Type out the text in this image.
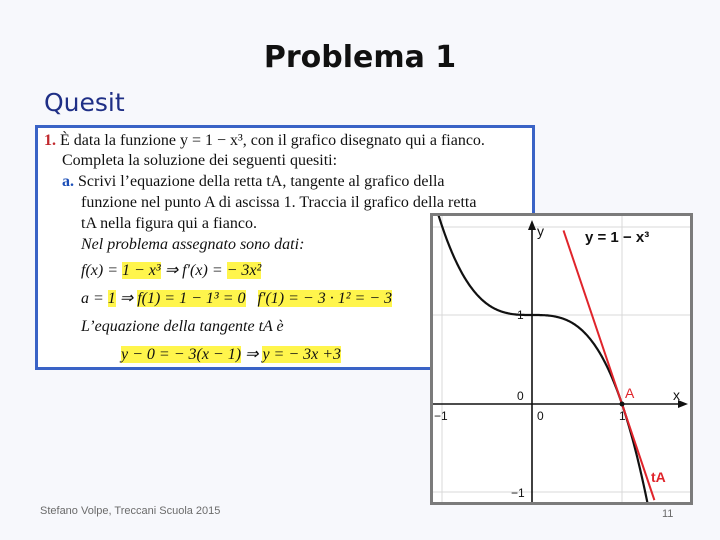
Problema 1
Quesit
1. È data la funzione y = 1 − x³, con il grafico disegnato qui a fianco.
Completa la soluzione dei seguenti quesiti:
a. Scrivi l’equazione della retta tA, tangente al grafico della
funzione nel punto A di ascissa 1. Traccia il grafico della retta
tA nella figura qui a fianco.
Nel problema assegnato sono dati:
f(x) = 1 − x³ ⇒ f′(x) = − 3x²
a = 1 ⇒ f(1) = 1 − 1³ = 0 f′(1) = − 3 · 1² = − 3
L’equazione della tangente tA è
y − 0 = − 3(x − 1) ⇒ y = − 3x +3
y = 1 − x³
y
x
A
tA
−1	0	1
1
0
−1
Stefano Volpe, Treccani Scuola 2015	11
